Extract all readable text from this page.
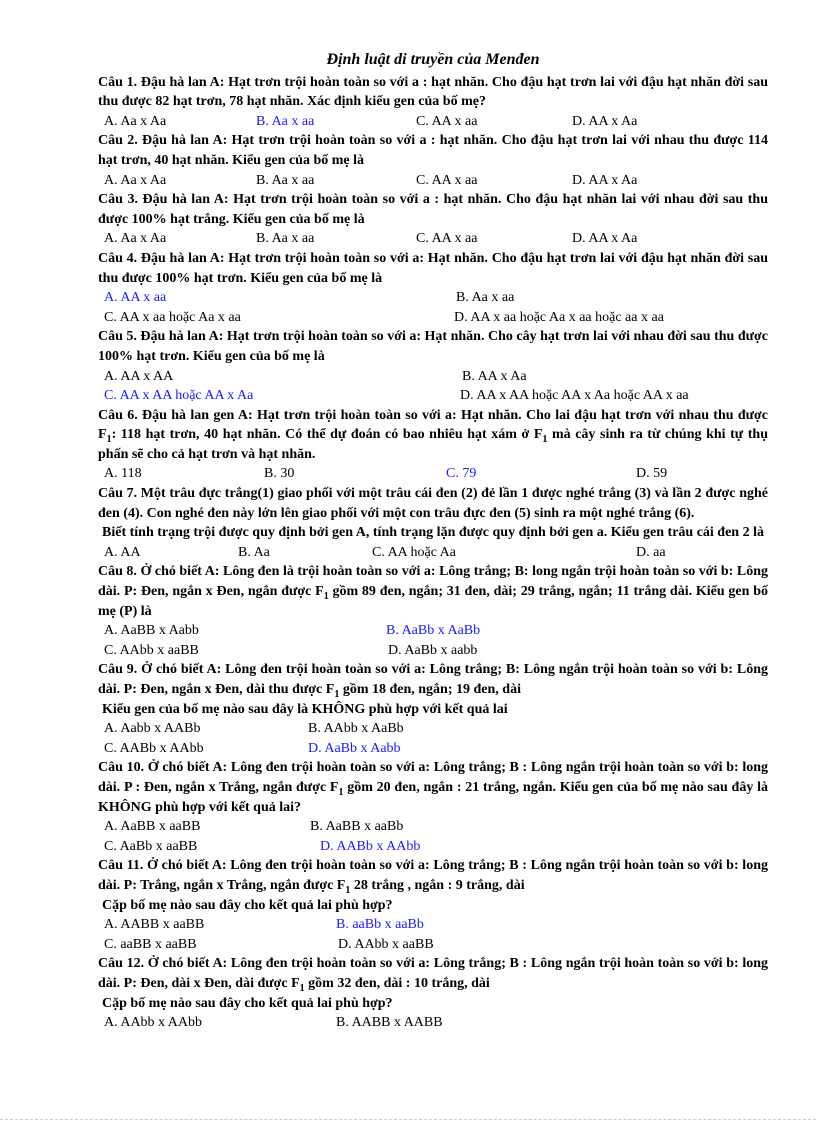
Định luật di truyền của Menđen
Câu 1. Đậu hà lan A: Hạt trơn trội hoàn toàn so với a : hạt nhăn. Cho đậu hạt trơn lai với đậu hạt nhăn đời sau thu được 82 hạt trơn, 78 hạt nhăn. Xác định kiểu gen của bố mẹ?
A. Aa x Aa	B. Aa x aa	C. AA x aa	D. AA x Aa
Câu 2. Đậu hà lan A: Hạt trơn trội hoàn toàn so với a : hạt nhăn. Cho đậu hạt trơn lai với nhau thu được 114 hạt trơn, 40 hạt nhăn. Kiểu gen của bố mẹ là
A. Aa x Aa	B. Aa x aa	C. AA x aa	D. AA x Aa
Câu 3. Đậu hà lan A: Hạt trơn trội hoàn toàn so với a : hạt nhăn. Cho đậu hạt nhăn lai với nhau đời sau thu được 100% hạt trắng. Kiểu gen của bố mẹ là
A. Aa x Aa	B. Aa x aa	C. AA x aa	D. AA x Aa
Câu 4. Đậu hà lan A: Hạt trơn trội hoàn toàn so với a: Hạt nhăn. Cho đậu hạt trơn lai với đậu hạt nhăn đời sau thu được 100% hạt trơn. Kiểu gen của bố mẹ là
A. AA x aa	B. Aa x aa
C. AA x aa hoặc Aa x aa	D. AA x aa hoặc Aa x aa hoặc aa x aa
Câu 5. Đậu hà lan A: Hạt trơn trội hoàn toàn so với a: Hạt nhăn. Cho cây hạt trơn lai với nhau đời sau thu được 100% hạt trơn. Kiểu gen của bố mẹ là
A. AA x AA	B. AA x Aa
C. AA x AA hoặc AA x Aa	D. AA x AA hoặc AA x Aa hoặc AA x aa
Câu 6. Đậu hà lan gen A: Hạt trơn trội hoàn toàn so với a: Hạt nhăn. Cho lai đậu hạt trơn với nhau thu được $F_1$: 118 hạt trơn, 40 hạt nhăn. Có thể dự đoán có bao nhiêu hạt xám ở $F_1$ mà cây sinh ra từ chúng khi tự thụ phấn sẽ cho cả hạt trơn và hạt nhăn.
A. 118	B. 30	C. 79	D. 59
Câu 7. Một trâu đực trắng(1) giao phối với một trâu cái đen (2) đẻ lần 1 được nghé trắng (3) và lần 2 được nghé đen (4). Con nghé đen này lớn lên giao phối với một con trâu đực đen (5) sinh ra một nghé trắng (6).
Biết tính trạng trội được quy định bởi gen A, tính trạng lặn được quy định bởi gen a. Kiểu gen trâu cái đen 2 là
A. AA	B. Aa	C. AA hoặc Aa	D. aa
Câu 8. Ở chó biết A: Lông đen là trội hoàn toàn so với a: Lông trắng; B: long ngắn trội hoàn toàn so với b: Lông dài. P: Đen, ngắn x Đen, ngắn được $F_1$ gồm 89 đen, ngắn; 31 đen, dài; 29 trắng, ngắn; 11 trắng dài. Kiểu gen bố mẹ (P) là
A. AaBB x Aabb	B. AaBb x AaBb
C. AAbb x aaBB	D. AaBb x aabb
Câu 9. Ở chó biết A: Lông đen trội hoàn toàn so với a: Lông trắng; B: Lông ngắn trội hoàn toàn so với b: Lông dài. P: Đen, ngắn x Đen, dài thu được $F_1$ gồm 18 đen, ngắn; 19 đen, dài
Kiểu gen của bố mẹ nào sau đây là KHÔNG phù hợp với kết quả lai
A. Aabb x AABb	B. AAbb x AaBb
C. AABb x AAbb	D. AaBb x Aabb
Câu 10. Ở chó biết A: Lông đen trội hoàn toàn so với a: Lông trắng; B : Lông ngắn trội hoàn toàn so với b: long dài. P : Đen, ngắn x Trắng, ngắn được $F_1$ gồm 20 đen, ngắn : 21 trắng, ngắn. Kiểu gen của bố mẹ nào sau đây là KHÔNG phù hợp với kết quả lai?
A. AaBB x aaBB	B. AaBB x aaBb
C. AaBb x aaBB	D. AABb x AAbb
Câu 11. Ở chó biết A: Lông đen trội hoàn toàn so với a: Lông trắng; B : Lông ngắn trội hoàn toàn so với b: long dài. P: Trắng, ngắn x Trắng, ngắn được $F_1$ 28 trắng , ngắn : 9 trắng, dài
Cặp bố mẹ nào sau đây cho kết quả lai phù hợp?
A. AABB x aaBB	B. aaBb x aaBb
C. aaBB x aaBB	D. AAbb x aaBB
Câu 12. Ở chó biết A: Lông đen trội hoàn toàn so với a: Lông trắng; B : Lông ngắn trội hoàn toàn so với b: long dài. P: Đen, dài x Đen, dài được $F_1$ gồm 32 đen, dài : 10 trắng, dài
Cặp bố mẹ nào sau đây cho kết quả lai phù hợp?
A. AAbb x AAbb	B. AABB x AABB
